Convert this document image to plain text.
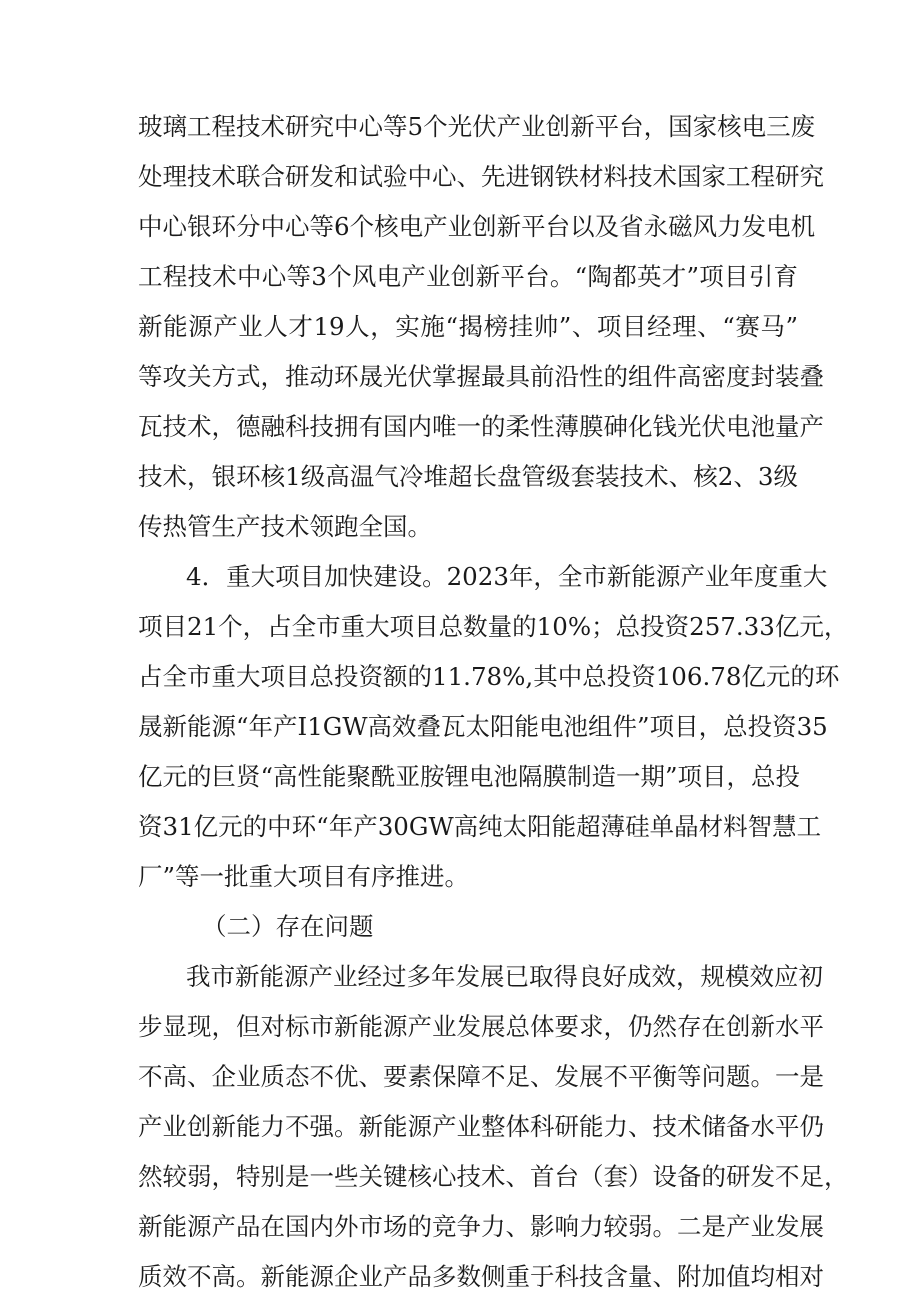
玻璃工程技术研究中心等5个光伏产业创新平台，国家核电三废
处理技术联合研发和试验中心、先进钢铁材料技术国家工程研究
中心银环分中心等6个核电产业创新平台以及省永磁风力发电机
工程技术中心等3个风电产业创新平台。“陶都英才”项目引育
新能源产业人才19人，实施“揭榜挂帅”、项目经理、“赛马”
等攻关方式，推动环晟光伏掌握最具前沿性的组件高密度封装叠
瓦技术，德融科技拥有国内唯一的柔性薄膜砷化钱光伏电池量产
技术，银环核1级高温气冷堆超长盘管级套装技术、核2、3级
传热管生产技术领跑全国。
4．重大项目加快建设。2023年，全市新能源产业年度重大
项目21个，占全市重大项目总数量的10%；总投资257.33亿元，
占全市重大项目总投资额的11.78%,其中总投资106.78亿元的环
晟新能源“年产I1GW高效叠瓦太阳能电池组件”项目，总投资35
亿元的巨贤“高性能聚酰亚胺锂电池隔膜制造一期”项目，总投
资31亿元的中环“年产30GW高纯太阳能超薄硅单晶材料智慧工
厂”等一批重大项目有序推进。
（二）存在问题
我市新能源产业经过多年发展已取得良好成效，规模效应初
步显现，但对标市新能源产业发展总体要求，仍然存在创新水平
不高、企业质态不优、要素保障不足、发展不平衡等问题。一是
产业创新能力不强。新能源产业整体科研能力、技术储备水平仍
然较弱，特别是一些关键核心技术、首台（套）设备的研发不足，
新能源产品在国内外市场的竞争力、影响力较弱。二是产业发展
质效不高。新能源企业产品多数侧重于科技含量、附加值均相对
